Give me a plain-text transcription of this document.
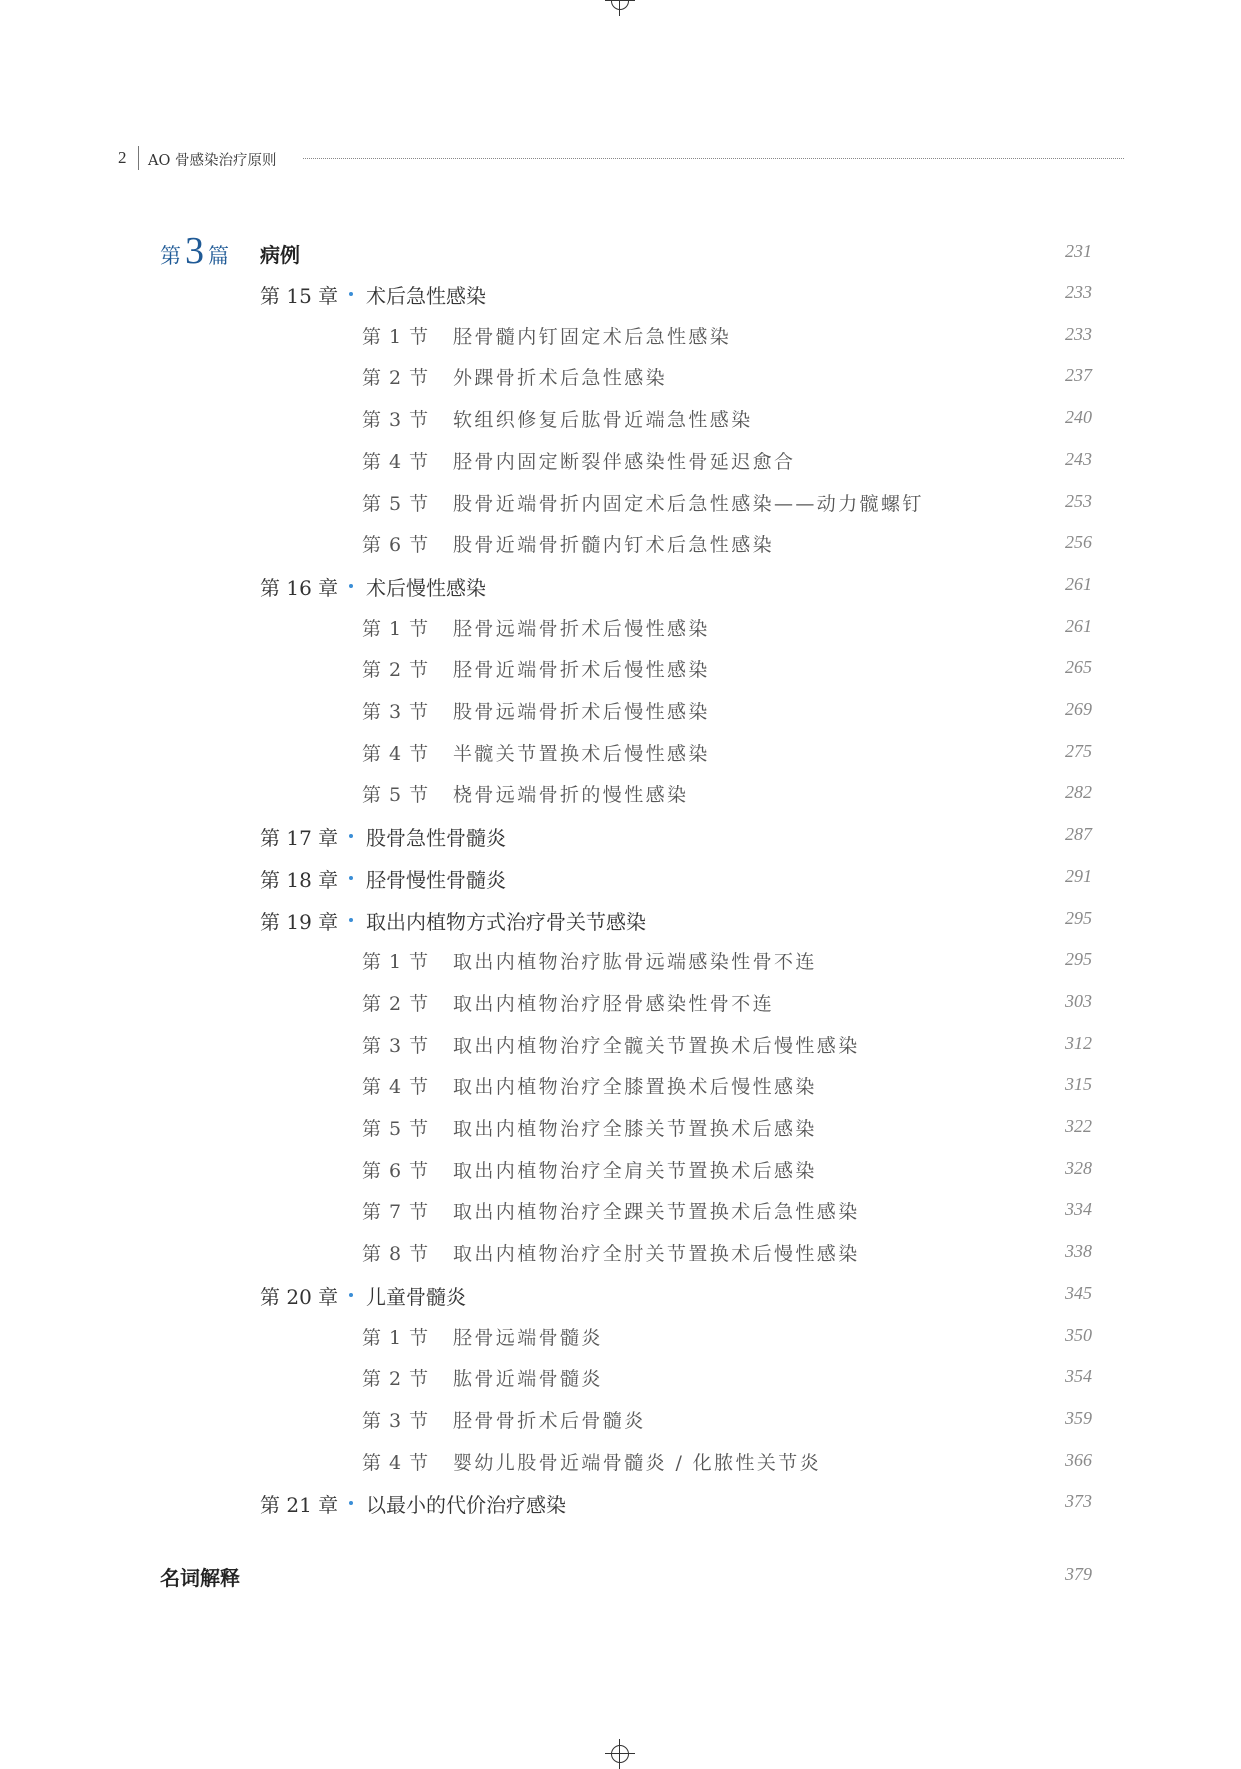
2 AO 骨感染治疗原则
第 3 篇 病例	231
第 15 章 术后急性感染	233
第 1 节 胫骨髓内钉固定术后急性感染	233
第 2 节 外踝骨折术后急性感染	237
第 3 节 软组织修复后肱骨近端急性感染	240
第 4 节 胫骨内固定断裂伴感染性骨延迟愈合	243
第 5 节 股骨近端骨折内固定术后急性感染——动力髋螺钉	253
第 6 节 股骨近端骨折髓内钉术后急性感染	256
第 16 章 术后慢性感染	261
第 1 节 胫骨远端骨折术后慢性感染	261
第 2 节 胫骨近端骨折术后慢性感染	265
第 3 节 股骨远端骨折术后慢性感染	269
第 4 节 半髋关节置换术后慢性感染	275
第 5 节 桡骨远端骨折的慢性感染	282
第 17 章 股骨急性骨髓炎	287
第 18 章 胫骨慢性骨髓炎	291
第 19 章 取出内植物方式治疗骨关节感染	295
第 1 节 取出内植物治疗肱骨远端感染性骨不连	295
第 2 节 取出内植物治疗胫骨感染性骨不连	303
第 3 节 取出内植物治疗全髋关节置换术后慢性感染	312
第 4 节 取出内植物治疗全膝置换术后慢性感染	315
第 5 节 取出内植物治疗全膝关节置换术后感染	322
第 6 节 取出内植物治疗全肩关节置换术后感染	328
第 7 节 取出内植物治疗全踝关节置换术后急性感染	334
第 8 节 取出内植物治疗全肘关节置换术后慢性感染	338
第 20 章 儿童骨髓炎	345
第 1 节 胫骨远端骨髓炎	350
第 2 节 肱骨近端骨髓炎	354
第 3 节 胫骨骨折术后骨髓炎	359
第 4 节 婴幼儿股骨近端骨髓炎 / 化脓性关节炎	366
第 21 章 以最小的代价治疗感染	373
名词解释	379
